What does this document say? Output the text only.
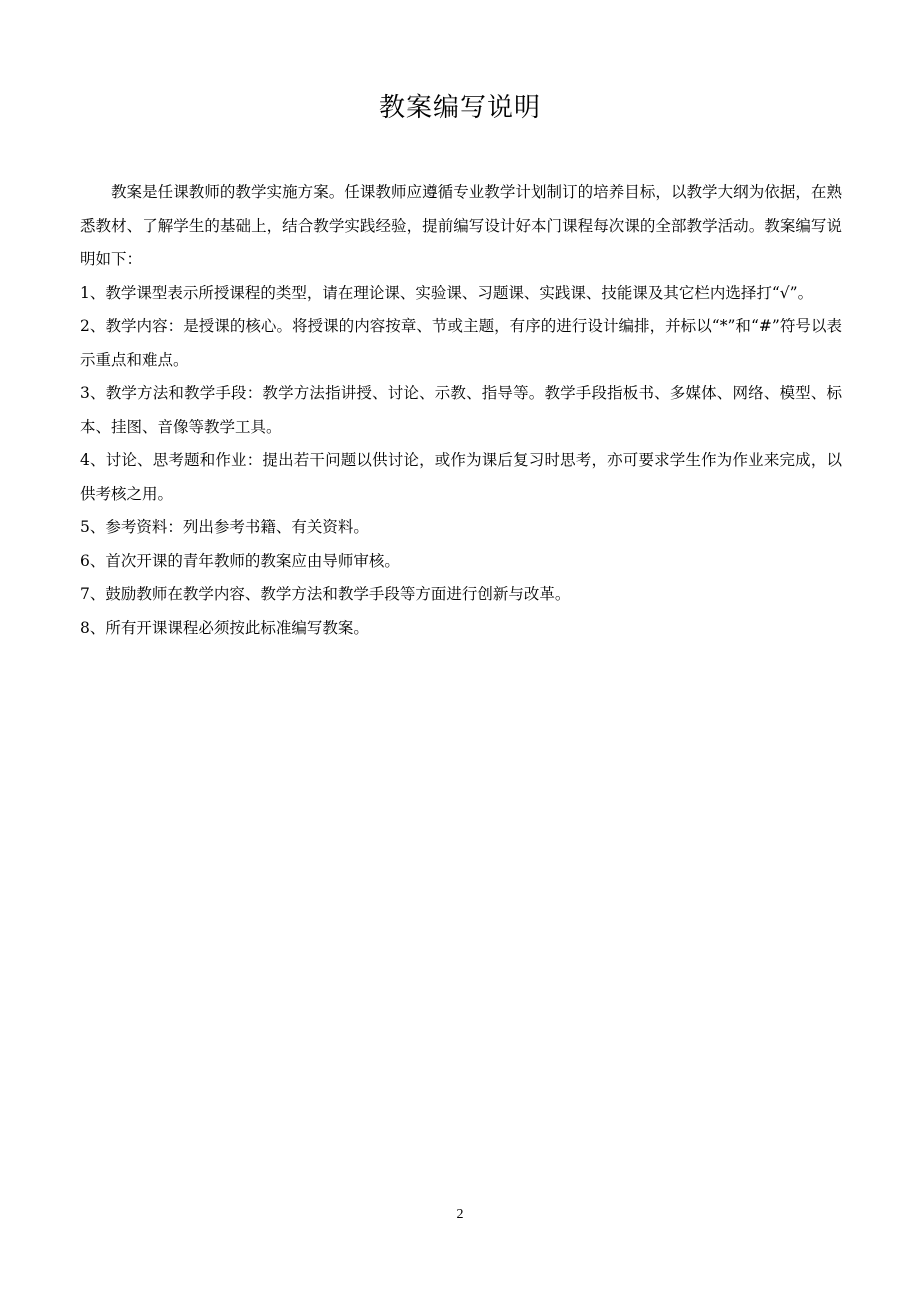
教案编写说明

教案是任课教师的教学实施方案。任课教师应遵循专业教学计划制订的培养目标，以教学大纲为依据，在熟悉教材、了解学生的基础上，结合教学实践经验，提前编写设计好本门课程每次课的全部教学活动。教案编写说明如下：

1、教学课型表示所授课程的类型，请在理论课、实验课、习题课、实践课、技能课及其它栏内选择打“√”。

2、教学内容：是授课的核心。将授课的内容按章、节或主题，有序的进行设计编排，并标以“*”和“#”符号以表示重点和难点。

3、教学方法和教学手段：教学方法指讲授、讨论、示教、指导等。教学手段指板书、多媒体、网络、模型、标本、挂图、音像等教学工具。

4、讨论、思考题和作业：提出若干问题以供讨论，或作为课后复习时思考，亦可要求学生作为作业来完成，以供考核之用。

5、参考资料：列出参考书籍、有关资料。

6、首次开课的青年教师的教案应由导师审核。

7、鼓励教师在教学内容、教学方法和教学手段等方面进行创新与改革。

8、所有开课课程必须按此标准编写教案。

2
